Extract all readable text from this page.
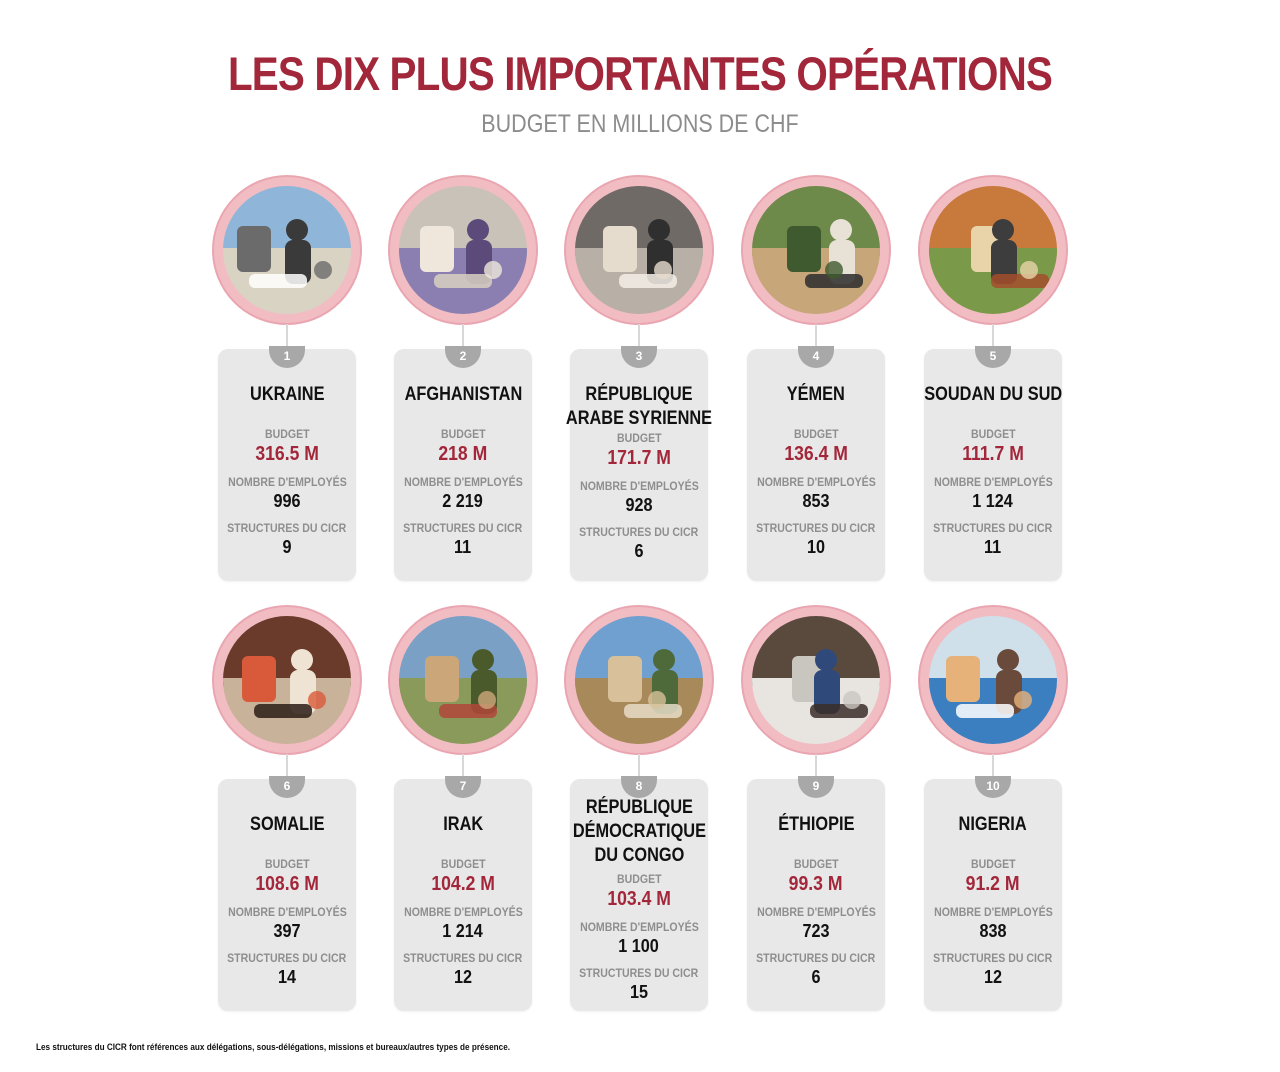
LES DIX PLUS IMPORTANTES OPÉRATIONS
BUDGET EN MILLIONS DE CHF
1
UKRAINE
BUDGET
316.5 M
NOMBRE D'EMPLOYÉS
996
STRUCTURES DU CICR
9
2
AFGHANISTAN
BUDGET
218 M
NOMBRE D'EMPLOYÉS
2 219
STRUCTURES DU CICR
11
3
RÉPUBLIQUE
ARABE SYRIENNE
BUDGET
171.7 M
NOMBRE D'EMPLOYÉS
928
STRUCTURES DU CICR
6
4
YÉMEN
BUDGET
136.4 M
NOMBRE D'EMPLOYÉS
853
STRUCTURES DU CICR
10
5
SOUDAN DU SUD
BUDGET
111.7 M
NOMBRE D'EMPLOYÉS
1 124
STRUCTURES DU CICR
11
6
SOMALIE
BUDGET
108.6 M
NOMBRE D'EMPLOYÉS
397
STRUCTURES DU CICR
14
7
IRAK
BUDGET
104.2 M
NOMBRE D'EMPLOYÉS
1 214
STRUCTURES DU CICR
12
8
RÉPUBLIQUE
DÉMOCRATIQUE
DU CONGO
BUDGET
103.4 M
NOMBRE D'EMPLOYÉS
1 100
STRUCTURES DU CICR
15
9
ÉTHIOPIE
BUDGET
99.3 M
NOMBRE D'EMPLOYÉS
723
STRUCTURES DU CICR
6
10
NIGERIA
BUDGET
91.2 M
NOMBRE D'EMPLOYÉS
838
STRUCTURES DU CICR
12
Les structures du CICR font références aux délégations, sous-délégations, missions et bureaux/autres types de présence.
